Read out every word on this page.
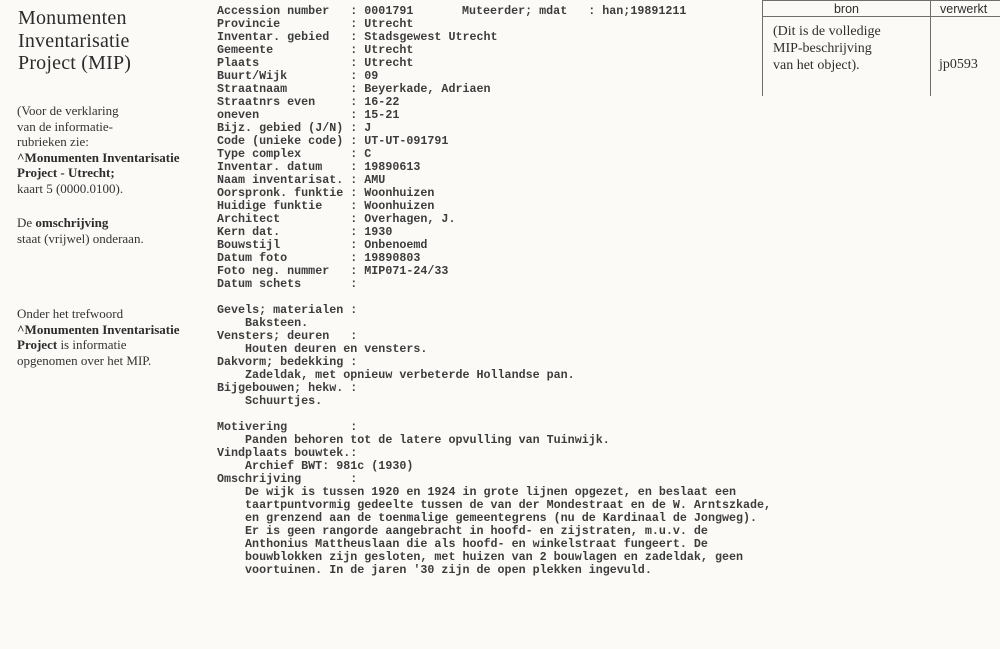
Monumenten
Inventarisatie
Project (MIP)
(Voor de verklaring
van de informatie-
rubrieken zie:
^Monumenten Inventarisatie
Project - Utrecht;
kaart 5 (0000.0100).
De omschrijving
staat (vrijwel) onderaan.
Onder het trefwoord
^Monumenten Inventarisatie
Project is informatie
opgenomen over het MIP.
Accession number	: 0001791	Muteerder; mdat	: han;19891211
Provincie	: Utrecht
Inventar. gebied	: Stadsgewest Utrecht
Gemeente	: Utrecht
Plaats	: Utrecht
Buurt/Wijk	: 09
Straatnaam	: Beyerkade, Adriaen
Straatnrs even	: 16-22
oneven	: 15-21
Bijz. gebied (J/N) : J
Code (unieke code) : UT-UT-091791
Type complex	: C
Inventar. datum	: 19890613
Naam inventarisat. : AMU
Oorspronk. funktie : Woonhuizen
Huidige funktie	: Woonhuizen
Architect	: Overhagen, J.
Kern dat.	: 1930
Bouwstijl	: Onbenoemd
Datum foto	: 19890803
Foto neg. nummer	: MIP071-24/33
Datum schets:
Gevels; materialen:
Baksteen.
Vensters; deuren:
Houten deuren en vensters.
Dakvorm; bedekking:
Zadeldak, met opnieuw verbeterde Hollandse pan.
Bijgebouwen; hekw.:
Schuurtjes.
Motivering:
Panden behoren tot de latere opvulling van Tuinwijk.
Vindplaats bouwtek.:
Archief BWT: 981c (1930)
Omschrijving:
De wijk is tussen 1920 en 1924 in grote lijnen opgezet, en beslaat een
taartpuntvormig gedeelte tussen de van der Mondestraat en de W. Arntszkade,
en grenzend aan de toenmalige gemeentegrens (nu de Kardinaal de Jongweg).
Er is geen rangorde aangebracht in hoofd- en zijstraten, m.u.v. de
Anthonius Mattheuslaan die als hoofd- en winkelstraat fungeert. De
bouwblokken zijn gesloten, met huizen van 2 bouwlagen en zadeldak, geen
voortuinen. In de jaren '30 zijn de open plekken ingevuld.
bron	verwerkt
(Dit is de volledige
MIP-beschrijving
van het object).	jp0593
